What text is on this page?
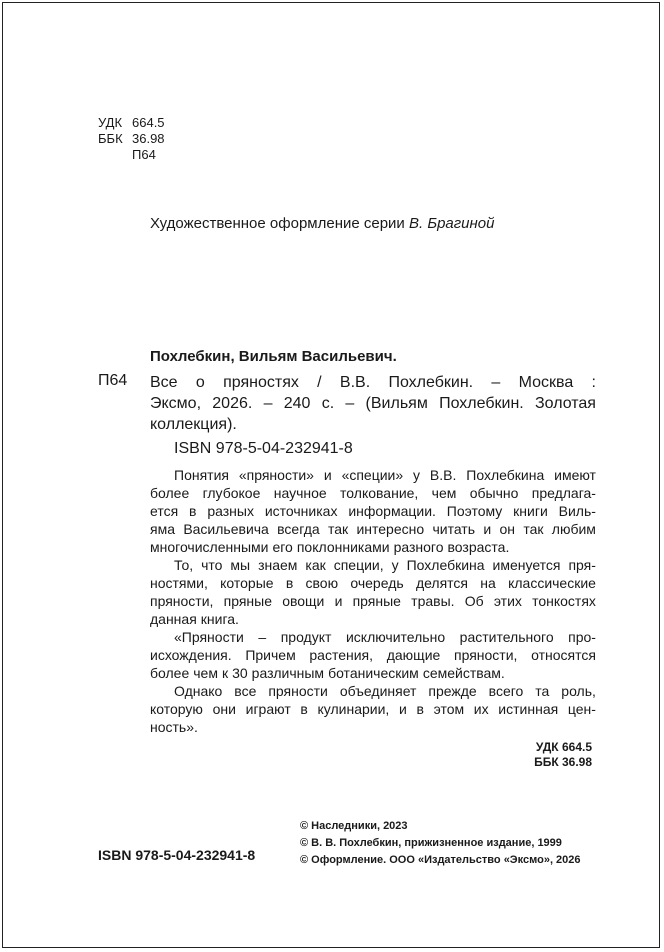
УДК 664.5
ББК 36.98
П64
Художественное оформление серии В. Брагиной
Похлебкин, Вильям Васильевич.
П64 Все о пряностях / В.В. Похлебкин. – Москва :
Эксмо, 2026. – 240 с. – (Вильям Похлебкин. Золотая
коллекция).
ISBN 978-5-04-232941-8
Понятия «пряности» и «специи» у В.В. Похлебкина имеют
более глубокое научное толкование, чем обычно предлага-
ется в разных источниках информации. Поэтому книги Виль-
яма Васильевича всегда так интересно читать и он так любим
многочисленными его поклонниками разного возраста.
То, что мы знаем как специи, у Похлебкина именуется пря-
ностями, которые в свою очередь делятся на классические
пряности, пряные овощи и пряные травы. Об этих тонкостях
данная книга.
«Пряности – продукт исключительно растительного про-
исхождения. Причем растения, дающие пряности, относятся
более чем к 30 различным ботаническим семействам.
Однако все пряности объединяет прежде всего та роль,
которую они играют в кулинарии, и в этом их истинная цен-
ность».
УДК 664.5
ББК 36.98
© Наследники, 2023
© В. В. Похлебкин, прижизненное издание, 1999
© Оформление. ООО «Издательство «Эксмо», 2026
ISBN 978-5-04-232941-8
